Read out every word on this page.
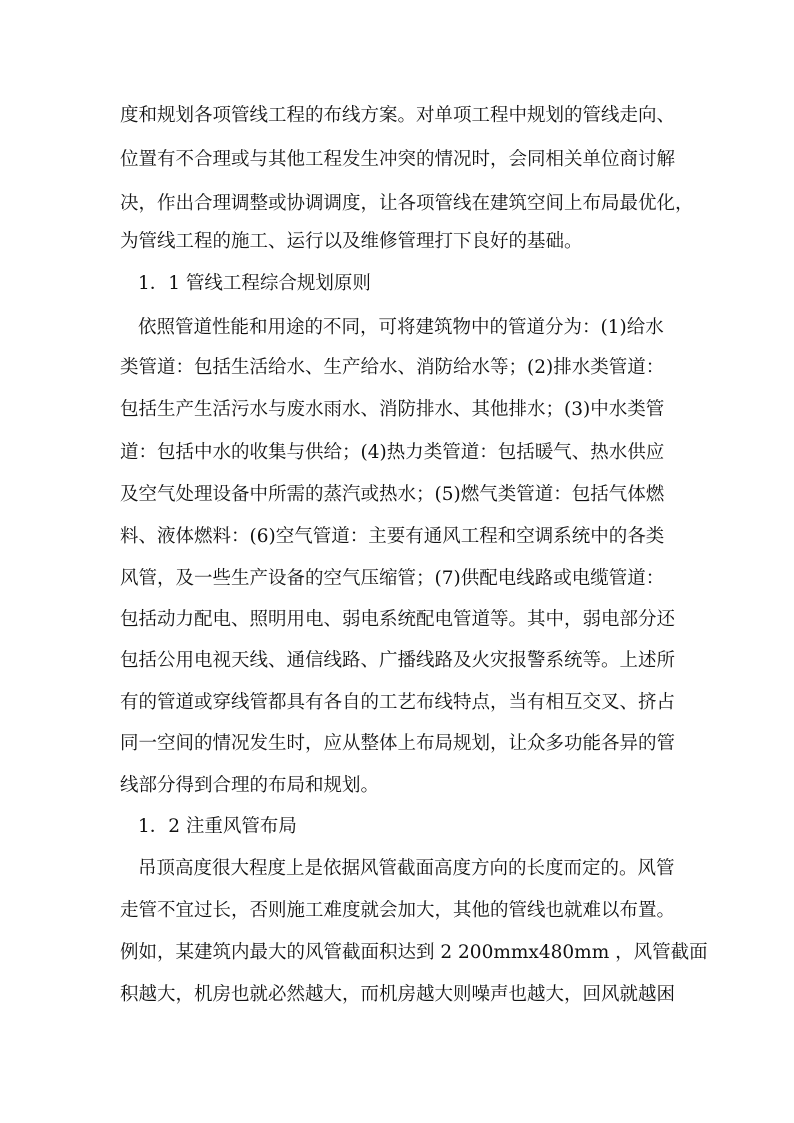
度和规划各项管线工程的布线方案。对单项工程中规划的管线走向、
位置有不合理或与其他工程发生冲突的情况时，会同相关单位商讨解
决，作出合理调整或协调调度，让各项管线在建筑空间上布局最优化，
为管线工程的施工、运行以及维修管理打下良好的基础。
1．1 管线工程综合规划原则
依照管道性能和用途的不同，可将建筑物中的管道分为：(1)给水
类管道：包括生活给水、生产给水、消防给水等；(2)排水类管道：
包括生产生活污水与废水雨水、消防排水、其他排水；(3)中水类管
道：包括中水的收集与供给；(4)热力类管道：包括暖气、热水供应
及空气处理设备中所需的蒸汽或热水；(5)燃气类管道：包括气体燃
料、液体燃料：(6)空气管道：主要有通风工程和空调系统中的各类
风管，及一些生产设备的空气压缩管；(7)供配电线路或电缆管道：
包括动力配电、照明用电、弱电系统配电管道等。其中，弱电部分还
包括公用电视天线、通信线路、广播线路及火灾报警系统等。上述所
有的管道或穿线管都具有各自的工艺布线特点，当有相互交叉、挤占
同一空间的情况发生时，应从整体上布局规划，让众多功能各异的管
线部分得到合理的布局和规划。
1．2 注重风管布局
吊顶高度很大程度上是依据风管截面高度方向的长度而定的。风管
走管不宜过长，否则施工难度就会加大，其他的管线也就难以布置。
例如，某建筑内最大的风管截面积达到 2 200mmx480mm ，风管截面
积越大，机房也就必然越大，而机房越大则噪声也越大，回风就越困
